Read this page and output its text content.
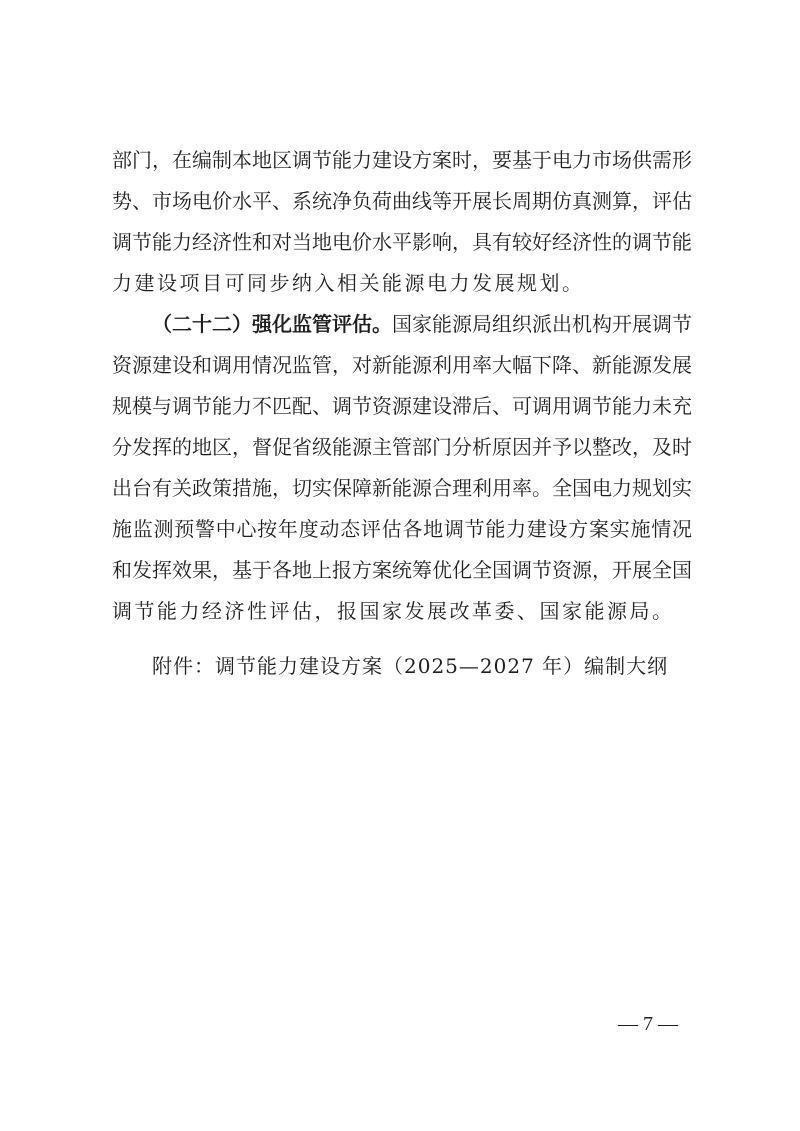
部门，在编制本地区调节能力建设方案时，要基于电力市场供需形
势、市场电价水平、系统净负荷曲线等开展长周期仿真测算，评估
调节能力经济性和对当地电价水平影响，具有较好经济性的调节能
力建设项目可同步纳入相关能源电力发展规划。
（二十二）强化监管评估。国家能源局组织派出机构开展调节
资源建设和调用情况监管，对新能源利用率大幅下降、新能源发展
规模与调节能力不匹配、调节资源建设滞后、可调用调节能力未充
分发挥的地区，督促省级能源主管部门分析原因并予以整改，及时
出台有关政策措施，切实保障新能源合理利用率。全国电力规划实
施监测预警中心按年度动态评估各地调节能力建设方案实施情况
和发挥效果，基于各地上报方案统筹优化全国调节资源，开展全国
调节能力经济性评估，报国家发展改革委、国家能源局。
附件：调节能力建设方案（2025—2027 年）编制大纲
— 7 —
